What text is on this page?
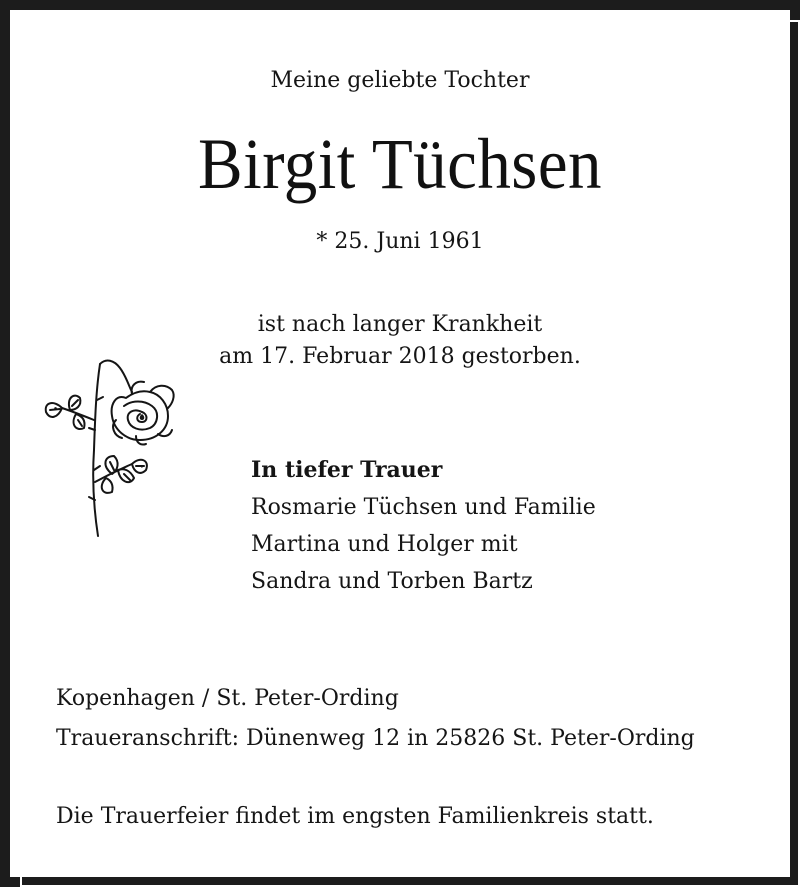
Meine geliebte Tochter
Birgit Tüchsen
* 25. Juni 1961
ist nach langer Krankheit
am 17. Februar 2018 gestorben.
In tiefer Trauer
Rosmarie Tüchsen und Familie
Martina und Holger mit
Sandra und Torben Bartz
Kopenhagen / St. Peter-Ording
Traueranschrift: Dünenweg 12 in 25826 St. Peter-Ording
Die Trauerfeier findet im engsten Familienkreis statt.
